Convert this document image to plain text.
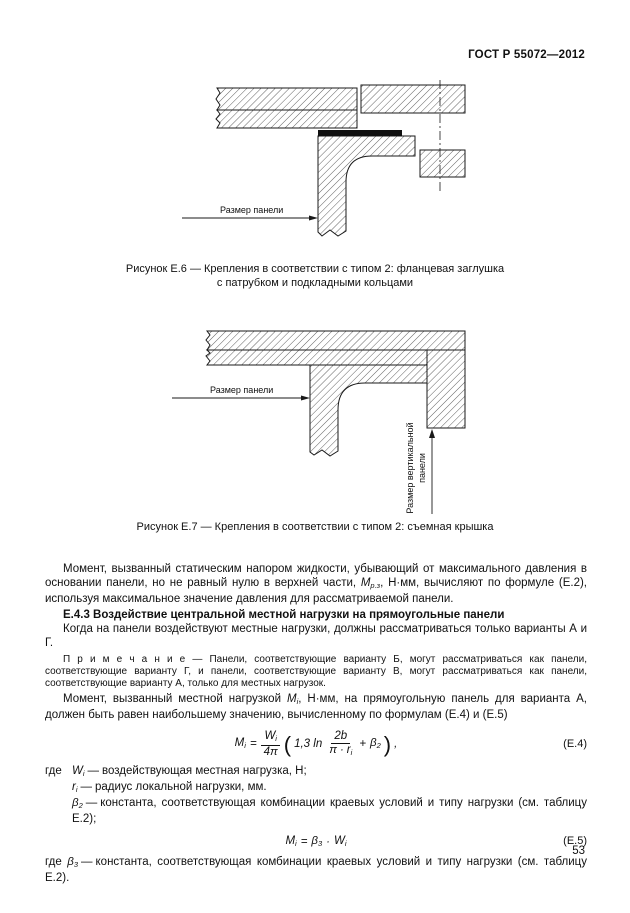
ГОСТ Р 55072—2012
Размер панели
Рисунок Е.6 — Крепления в соответствии с типом 2: фланцевая заглушка
с патрубком и подкладными кольцами
Размер панели
Размер вертикальной панели
Рисунок Е.7 — Крепления в соответствии с типом 2: съемная крышка

Момент, вызванный статическим напором жидкости, убывающий от максимального давления в основании панели, но не равный нулю в верхней части, $М_{р.з}$, Н·мм, вычисляют по формуле (Е.2), используя максимальное значение давления для рассматриваемой панели.

Е.4.3 Воздействие центральной местной нагрузки на прямоугольные панели

Когда на панели воздействуют местные нагрузки, должны рассматриваться только варианты А и Г.

П р и м е ч а н и е — Панели, соответствующие варианту Б, могут рассматриваться как панели, соответствующие варианту Г, и панели, соответствующие варианту В, могут рассматриваться как панели, соответствующие варианту А, только для местных нагрузок.

Момент, вызванный местной нагрузкой $М_i$, Н·мм, на прямоугольную панель для варианта А, должен быть равен наибольшему значению, вычисленному по формулам (Е.4) и (Е.5)

$M_i = \frac{W_i}{4\pi}$ ( 1,3 $\ln \frac{2b}{\pi \cdot r_i} + \beta_2$ ) ,	(Е.4)
где $W_i$ — воздействующая местная нагрузка, Н;
$r_i$ — радиус локальной нагрузки, мм.
$\beta_2$ — константа, соответствующая комбинации краевых условий и типу нагрузки (см. таблицу Е.2);
$M_i = \beta_3 \cdot W_i$	(Е.5)

где $\beta_3$ — константа, соответствующая комбинации краевых условий и типу нагрузки (см. таблицу Е.2).

53
